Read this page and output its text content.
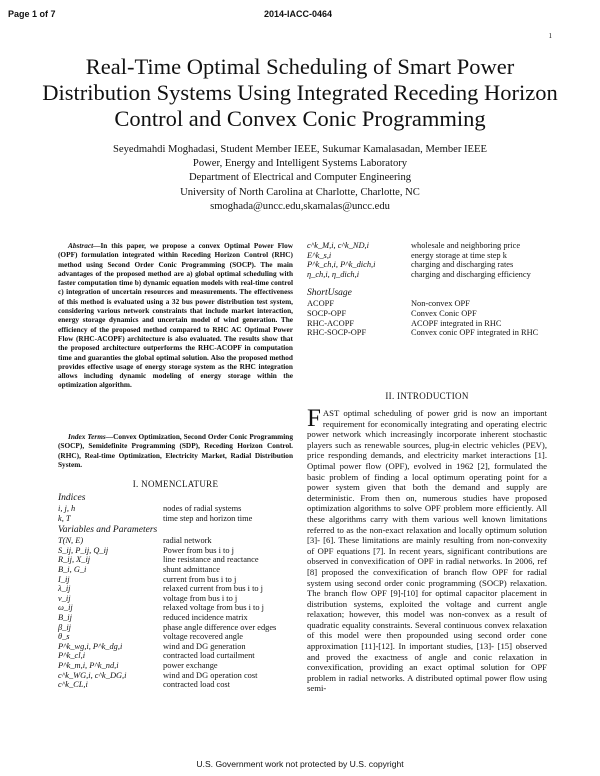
Page 1 of 7	2014-IACC-0464
1
Real-Time Optimal Scheduling of Smart Power Distribution Systems Using Integrated Receding Horizon Control and Convex Conic Programming
Seyedmahdi Moghadasi, Student Member IEEE, Sukumar Kamalasadan, Member IEEE
Power, Energy and Intelligent Systems Laboratory
Department of Electrical and Computer Engineering
University of North Carolina at Charlotte, Charlotte, NC
smoghada@uncc.edu,skamalas@uncc.edu
Abstract—In this paper, we propose a convex Optimal Power Flow (OPF) formulation integrated within Receding Horizon Control (RHC) method using Second Order Conic Programming (SOCP). The main advantages of the proposed method are a) global optimal scheduling with faster computation time b) dynamic equation models with real-time control c) integration of uncertain resources and measurements. The effectiveness of this method is evaluated using a 32 bus power distribution test system, considering various network constraints that include market interaction, energy storage dynamics and uncertain model of wind generation. The efficiency of the proposed method compared to RHC AC Optimal Power Flow (RHC-ACOPF) architecture is also evaluated. The results show that the proposed architecture outperforms the RHC-ACOPF in computation time and guaranties the global optimal solution. Also the proposed method provides effective usage of energy storage system as the RHC integration allows including dynamic modeling of energy storage within the optimization algorithm.
Index Terms—Convex Optimization, Second Order Conic Programming (SOCP), Semidefinite Programming (SDP), Receding Horizon Control. (RHC), Real-time Optimization, Electricity Market, Radial Distribution System.
I. NOMENCLATURE
Indices
i, j, h	nodes of radial systems
k, T	time step and horizon time
Variables and Parameters
T(N, E)	radial network
S_ij, P_ij, Q_ij	Power from bus i to j
R_ij, X_ij	line resistance and reactance
B_i, G_i	shunt admittance
I_ij	current from bus i to j
λ_ij	relaxed current from bus i to j
v_ij	voltage from bus i to j
ω_ij	relaxed voltage from bus i to j
B_ij	reduced incidence matrix
β_ij	phase angle difference over edges
θ_s	voltage recovered angle
P^k_wg,i, P^k_dg,i	wind and DG generation
P^k_cl,i	contracted load curtailment
P^k_m,i, P^k_nd,i	power exchange
c^k_WG,i, c^k_DG,i	wind and DG operation cost
c^k_CL,i	contracted load cost
c^k_M,i, c^k_ND,i	wholesale and neighboring price
E^k_s,i	energy storage at time step k
P^k_ch,i, P^k_dich,i	charging and discharging rates
η_ch,i, η_dich,i	charging and discharging efficiency
ShortUsage
ACOPF	Non-convex OPF
SOCP-OPF	Convex Conic OPF
RHC-ACOPF	ACOPF integrated in RHC
RHC-SOCP-OPF	Convex conic OPF integrated in RHC
II. INTRODUCTION
FAST optimal scheduling of power grid is now an important requirement for economically integrating and operating electric power network which increasingly incorporate inherent stochastic players such as renewable sources, plug-in electric vehicles (PEV), price responding demands, and electricity market interactions [1]. Optimal power flow (OPF), evolved in 1962 [2], formulated the basic problem of finding a local optimum operating point for a power system given that both the demand and supply are deterministic. From then on, numerous studies have proposed optimization algorithms to solve OPF problem more efficiently. All these algorithms carry with them various well known limitations referred to as the non-exact relaxation and locally optimum solution [3]- [6]. These limitations are mainly resulting from non-convexity of OPF equations [7]. In recent years, significant contributions are observed in convexification of OPF in radial networks. In 2006, ref [8] proposed the convexification of branch flow OPF for radial system using second order conic programming (SOCP) relaxation. The branch flow OPF [9]-[10] for optimal capacitor placement in distribution systems, exploited the voltage and current angle relaxation; however, this model was non-convex as a result of quadratic equality constraints. Several continuous convex relaxation of this model were then propounded using second order cone approximation [11]-[12]. In important studies, [13]- [15] observed and proved the exactness of angle and conic relaxation in convexification, providing an exact optimal solution for OPF problem in radial networks. A distributed optimal power flow using semi-
U.S. Government work not protected by U.S. copyright
